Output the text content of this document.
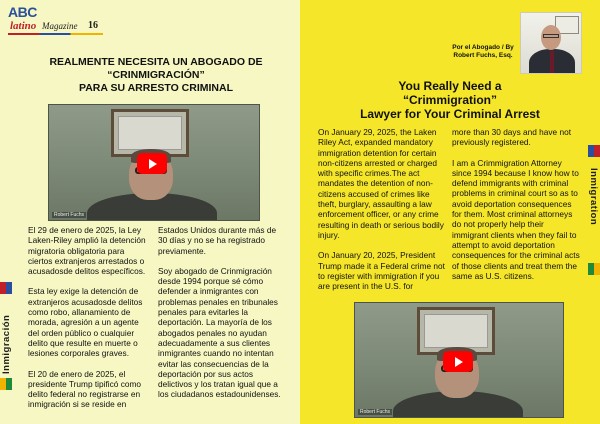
ABC
latino Magazine 16
REALMENTE NECESITA UN ABOGADO DE
“CRINMIGRACIÓN”
PARA SU ARRESTO CRIMINAL
Robert Fuchs

El 29 de enero de 2025, la Ley Laken-Riley amplió la detención migratoria obligatoria para ciertos extranjeros arrestados o acusadosde delitos específicos.

Esta ley exige la detención de extranjeros acusadosde delitos como robo, allanamiento de morada, agresión a un agente del orden público o cualquier delito que resulte en muerte o lesiones corporales graves.

El 20 de enero de 2025, el presidente Trump tipificó como delito federal no registrarse en inmigración si se reside en

Estados Unidos durante más de 30 días y no se ha registrado previamente.

Soy abogado de Crinmigración desde 1994 porque sé cómo defender a inmigrantes con problemas penales en tribunales penales para evitarles la deportación. La mayoría de los abogados penales no ayudan adecuadamente a sus clientes inmigrantes cuando no intentan evitar las consecuencias de la deportación por sus actos delictivos y los tratan igual que a los ciudadanos estadounidenses.

Inmigración
Por el Abogado / By Robert Fuchs, Esq.
You Really Need a
“Crimmigration”
Lawyer for Your Criminal Arrest

On January 29, 2025, the Laken Riley Act, expanded mandatory immigration detention for certain non-citizens arrested or charged with specific crimes.The act mandates the detention of non-citizens accused of crimes like theft, burglary, assaulting a law enforcement officer, or any crime resulting in death or serious bodily injury.

On January 20, 2025, President Trump made it a Federal crime not to register with immigration if you are present in the U.S. for

more than 30 days and have not previously registered.

I am a Crimmigration Attorney since 1994 because I know how to defend immigrants with criminal problems in criminal court so as to avoid deportation consequences for them. Most criminal attorneys do not properly help their immigrant clients when they fail to attempt to avoid deportation consequences for the criminal acts of those clients and treat them the same as U.S. citizens.

Robert Fuchs
Inmigration
